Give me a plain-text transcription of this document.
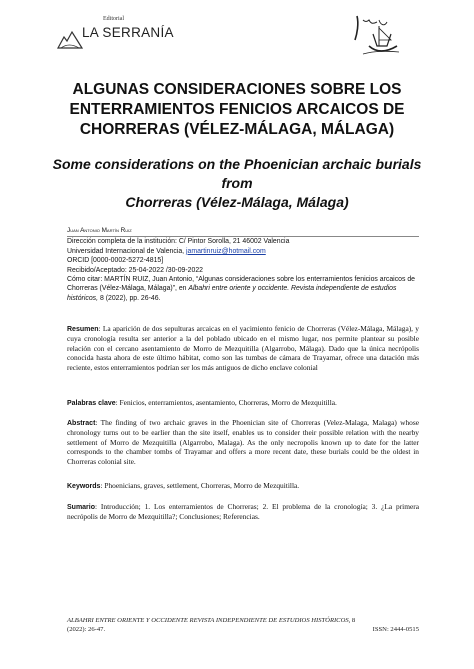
Editorial
LA SERRANÍA
ALGUNAS CONSIDERACIONES SOBRE LOS
ENTERRAMIENTOS FENICIOS ARCAICOS DE
CHORRERAS (VÉLEZ-MÁLAGA, MÁLAGA)
Some considerations on the Phoenician archaic burials from
Chorreras (Vélez-Málaga, Málaga)
Juan Antonio Martín Ruiz
Dirección completa de la institución: C/ Pintor Sorolla, 21 46002 Valencia
Universidad Internacional de Valencia, jamartinruiz@hotmail.com
ORCID [0000-0002-5272-4815]
Recibido/Aceptado: 25-04-2022 /30-09-2022
Cómo citar: MARTÍN RUIZ, Juan Antonio, “Algunas consideraciones sobre los enterramientos fenicios arcaicos de Chorreras (Vélez-Málaga, Málaga)”, en Albahri entre oriente y occidente. Revista independiente de estudios históricos, 8 (2022), pp. 26-46.
Resumen: La aparición de dos sepulturas arcaicas en el yacimiento fenicio de Chorreras (Vélez-Málaga, Málaga), y cuya cronología resulta ser anterior a la del poblado ubicado en el mismo lugar, nos permite plantear su posible relación con el cercano asentamiento de Morro de Mezquitilla (Algarrobo, Málaga). Dado que la única necrópolis conocida hasta ahora de este último hábitat, como son las tumbas de cámara de Trayamar, ofrece una datación más reciente, estos enterramientos podrían ser los más antiguos de dicho enclave colonial
Palabras clave: Fenicios, enterramientos, asentamiento, Chorreras, Morro de Mezquitilla.
Abstract: The finding of two archaic graves in the Phoenician site of Chorreras (Velez-Malaga, Malaga) whose chronology turns out to be earlier than the site itself, enables us to consider their possible relation with the nearby settlement of Morro de Mezquitilla (Algarrobo, Malaga). As the only necropolis known up to date for the latter corresponds to the chamber tombs of Trayamar and offers a more recent date, these burials could be the oldest in Chorreras colonial site.
Keywords: Phoenicians, graves, settlement, Chorreras, Morro de Mezquitilla.
Sumario: Introducción; 1. Los enterramientos de Chorreras; 2. El problema de la cronología; 3. ¿La primera necrópolis de Morro de Mezquitilla?; Conclusiones; Referencias.
ALBAHRI ENTRE ORIENTE Y OCCIDENTE REVISTA INDEPENDIENTE DE ESTUDIOS HISTÓRICOS, 8
(2022): 26-47.	ISSN: 2444-0515
